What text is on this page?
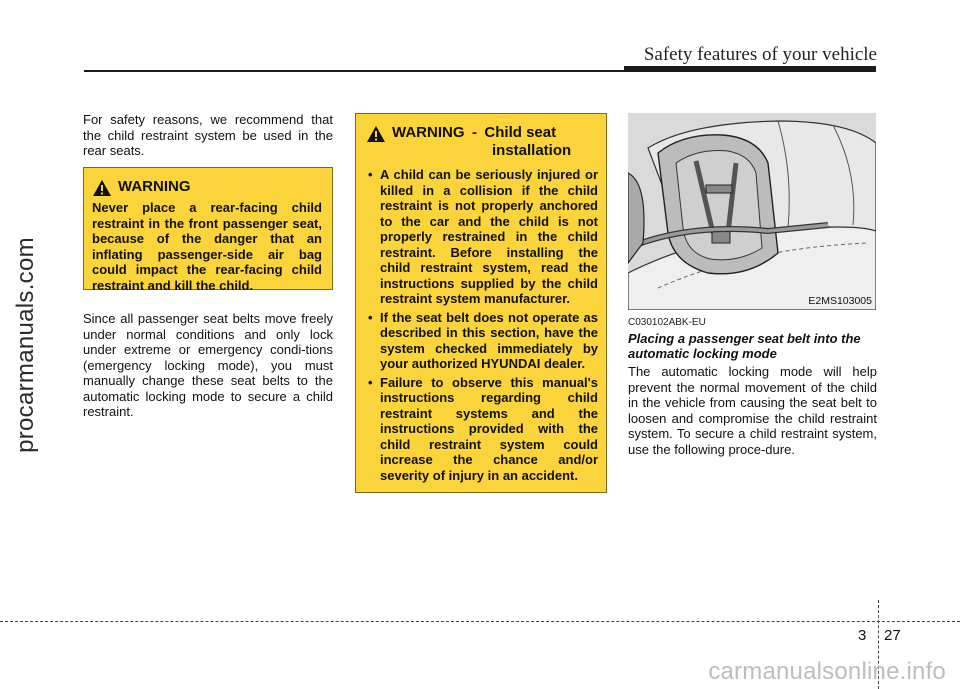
procarmanuals.com
Safety features of your vehicle
For safety reasons, we recommend that the child restraint system be used in the rear seats.
WARNING
Never place a rear-facing child restraint in the front passenger seat, because of the danger that an inflating passenger-side air bag could impact the rear-facing child restraint and kill the child.
Since all passenger seat belts move freely under normal conditions and only lock under extreme or emergency condi-tions (emergency locking mode), you must manually change these seat belts to the automatic locking mode to secure a child restraint.
WARNING - Child seat
installation
• A child can be seriously injured or killed in a collision if the child restraint is not properly anchored to the car and the child is not properly restrained in the child restraint. Before installing the child restraint system, read the instructions supplied by the child restraint system manufacturer.
• If the seat belt does not operate as described in this section, have the system checked immediately by your authorized HYUNDAI dealer.
• Failure to observe this manual's instructions regarding child restraint systems and the instructions provided with the child restraint system could increase the chance and/or severity of injury in an accident.
E2MS103005
C030102ABK-EU
Placing a passenger seat belt into the automatic locking mode
The automatic locking mode will help prevent the normal movement of the child in the vehicle from causing the seat belt to loosen and compromise the child restraint system. To secure a child restraint system, use the following proce-dure.
3 27
carmanualsonline.info
